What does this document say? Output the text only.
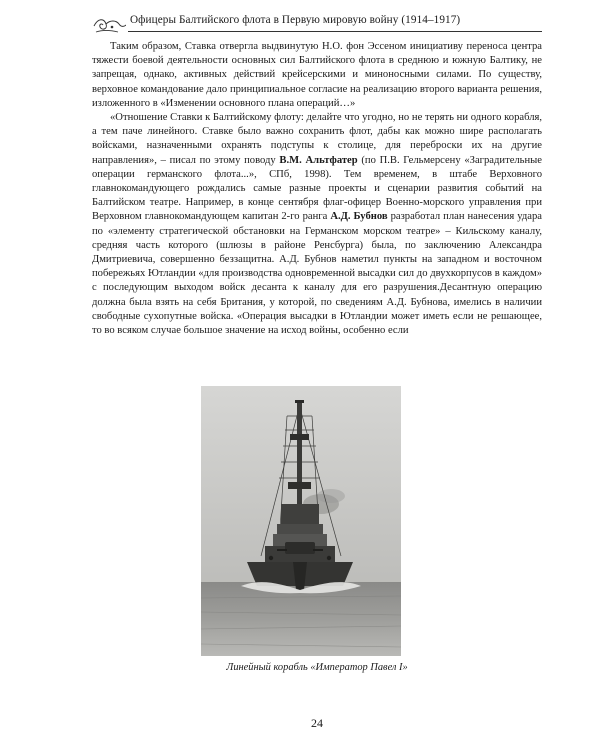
Офицеры Балтийского флота в Первую мировую войну (1914–1917)

Таким образом, Ставка отвергла выдвинутую Н.О. фон Эссеном инициативу переноса центра тяжести боевой деятельности основных сил Балтийского флота в среднюю и южную Балтику, не запрещая, однако, активных действий крейсерскими и миноносными силами. По существу, верховное командование дало принципиальное согласие на реализацию второго варианта решения, изложенного в «Изменении основного плана операций…»

«Отношение Ставки к Балтийскому флоту: делайте что угодно, но не терять ни одного корабля, а тем паче линейного. Ставке было важно сохранить флот, дабы как можно шире располагать войсками, назначенными охранять подступы к столице, для переброски их на другие направления», – писал по этому поводу В.М. Альтфатер (по П.В. Гельмерсену «Заградительные операции германского флота...», СПб, 1998). Тем временем, в штабе Верховного главнокомандующего рождались самые разные проекты и сценарии развития событий на Балтийском театре. Например, в конце сентября флаг-офицер Военно-морского управления при Верховном главнокомандующем капитан 2-го ранга А.Д. Бубнов разработал план нанесения удара по «элементу стратегической обстановки на Германском морском театре» – Кильскому каналу, средняя часть которого (шлюзы в районе Ренсбурга) была, по заключению Александра Дмитриевича, совершенно беззащитна. А.Д. Бубнов наметил пункты на западном и восточном побережьях Ютландии «для производства одновременной высадки сил до двухкорпусов в каждом» с последующим выходом войск десанта к каналу для его разрушения.Десантную операцию должна была взять на себя Британия, у которой, по сведениям А.Д. Бубнова, имелись в наличии свободные сухопутные войска. «Операция высадки в Ютландии может иметь если не решающее, то во всяком случае большое значение на исход войны, особенно если

Линейный корабль «Император Павел I»
24
